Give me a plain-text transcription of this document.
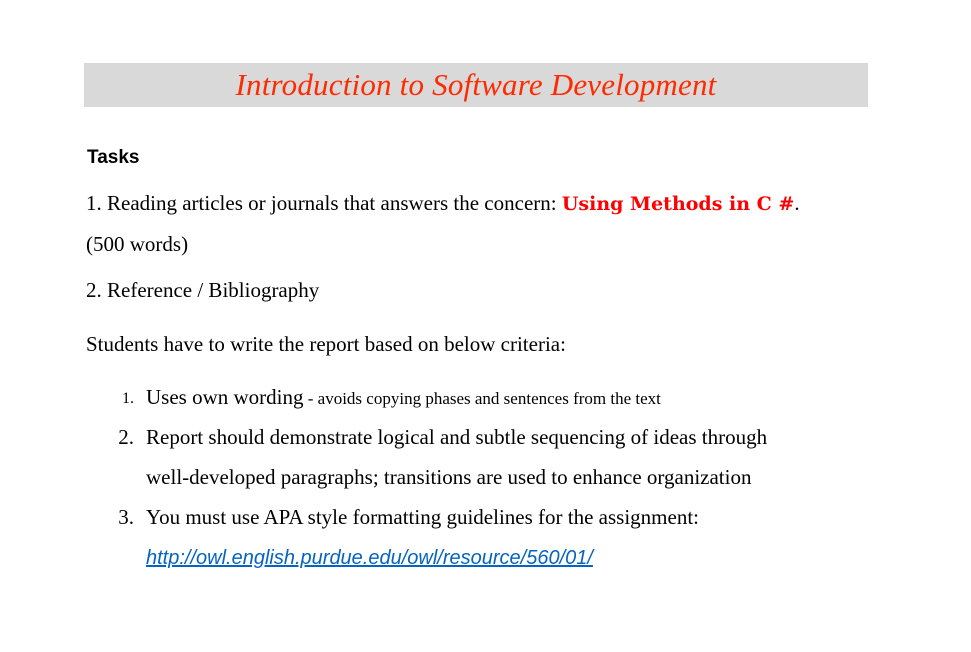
Introduction to Software Development
Tasks
1. Reading articles or journals that answers the concern: Using Methods in C #.
(500 words)
2. Reference / Bibliography
Students have to write the report based on below criteria:
1. Uses own wording - avoids copying phases and sentences from the text
2. Report should demonstrate logical and subtle sequencing of ideas through
well-developed paragraphs; transitions are used to enhance organization
3. You must use APA style formatting guidelines for the assignment:
http://owl.english.purdue.edu/owl/resource/560/01/
